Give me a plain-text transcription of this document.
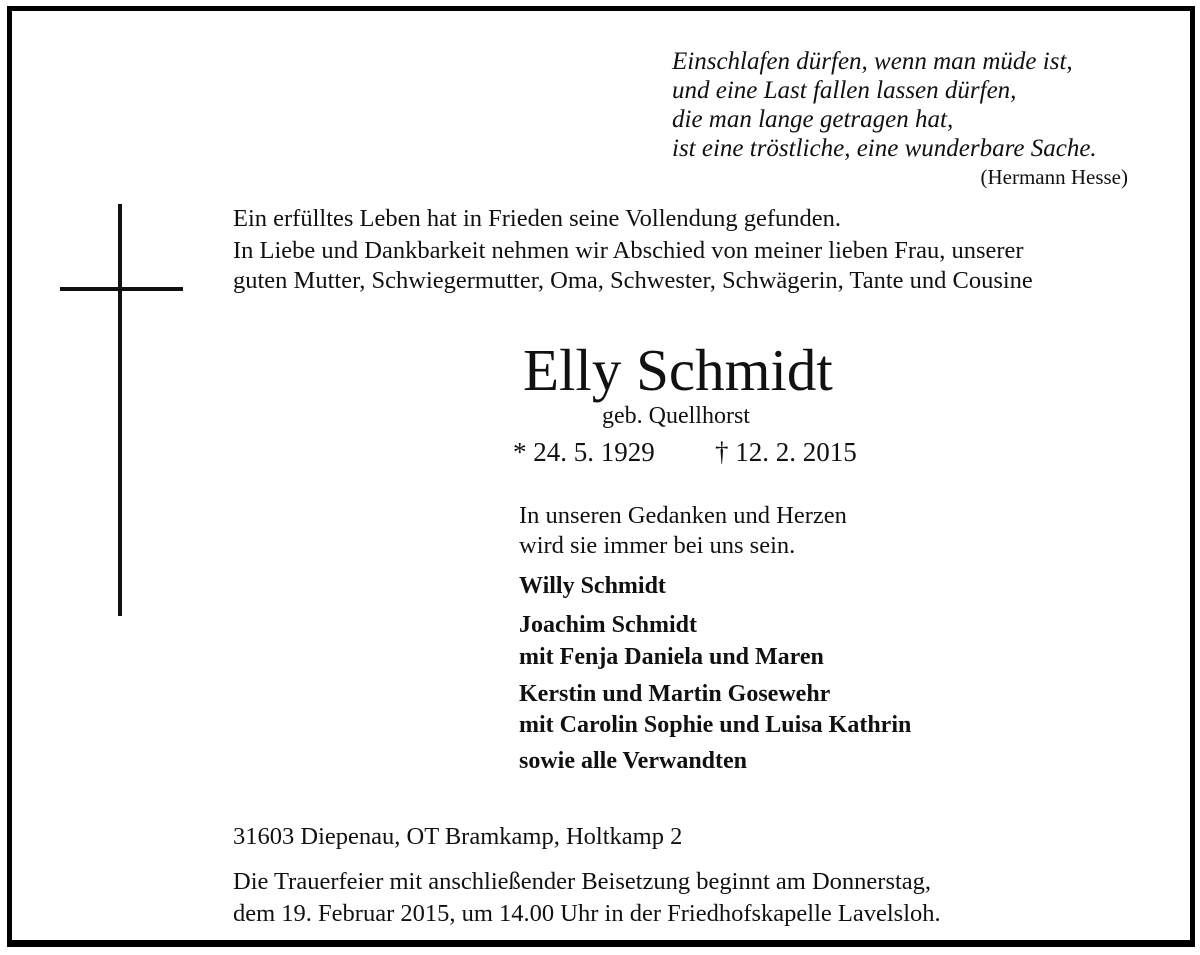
Einschlafen dürfen, wenn man müde ist,
und eine Last fallen lassen dürfen,
die man lange getragen hat,
ist eine tröstliche, eine wunderbare Sache.
(Hermann Hesse)
Ein erfülltes Leben hat in Frieden seine Vollendung gefunden.
In Liebe und Dankbarkeit nehmen wir Abschied von meiner lieben Frau, unserer
guten Mutter, Schwiegermutter, Oma, Schwester, Schwägerin, Tante und Cousine
Elly Schmidt
geb. Quellhorst
* 24. 5. 1929 † 12. 2. 2015
In unseren Gedanken und Herzen
wird sie immer bei uns sein.
Willy Schmidt
Joachim Schmidt
mit Fenja Daniela und Maren
Kerstin und Martin Gosewehr
mit Carolin Sophie und Luisa Kathrin
sowie alle Verwandten
31603 Diepenau, OT Bramkamp, Holtkamp 2
Die Trauerfeier mit anschließender Beisetzung beginnt am Donnerstag,
dem 19. Februar 2015, um 14.00 Uhr in der Friedhofskapelle Lavelsloh.
